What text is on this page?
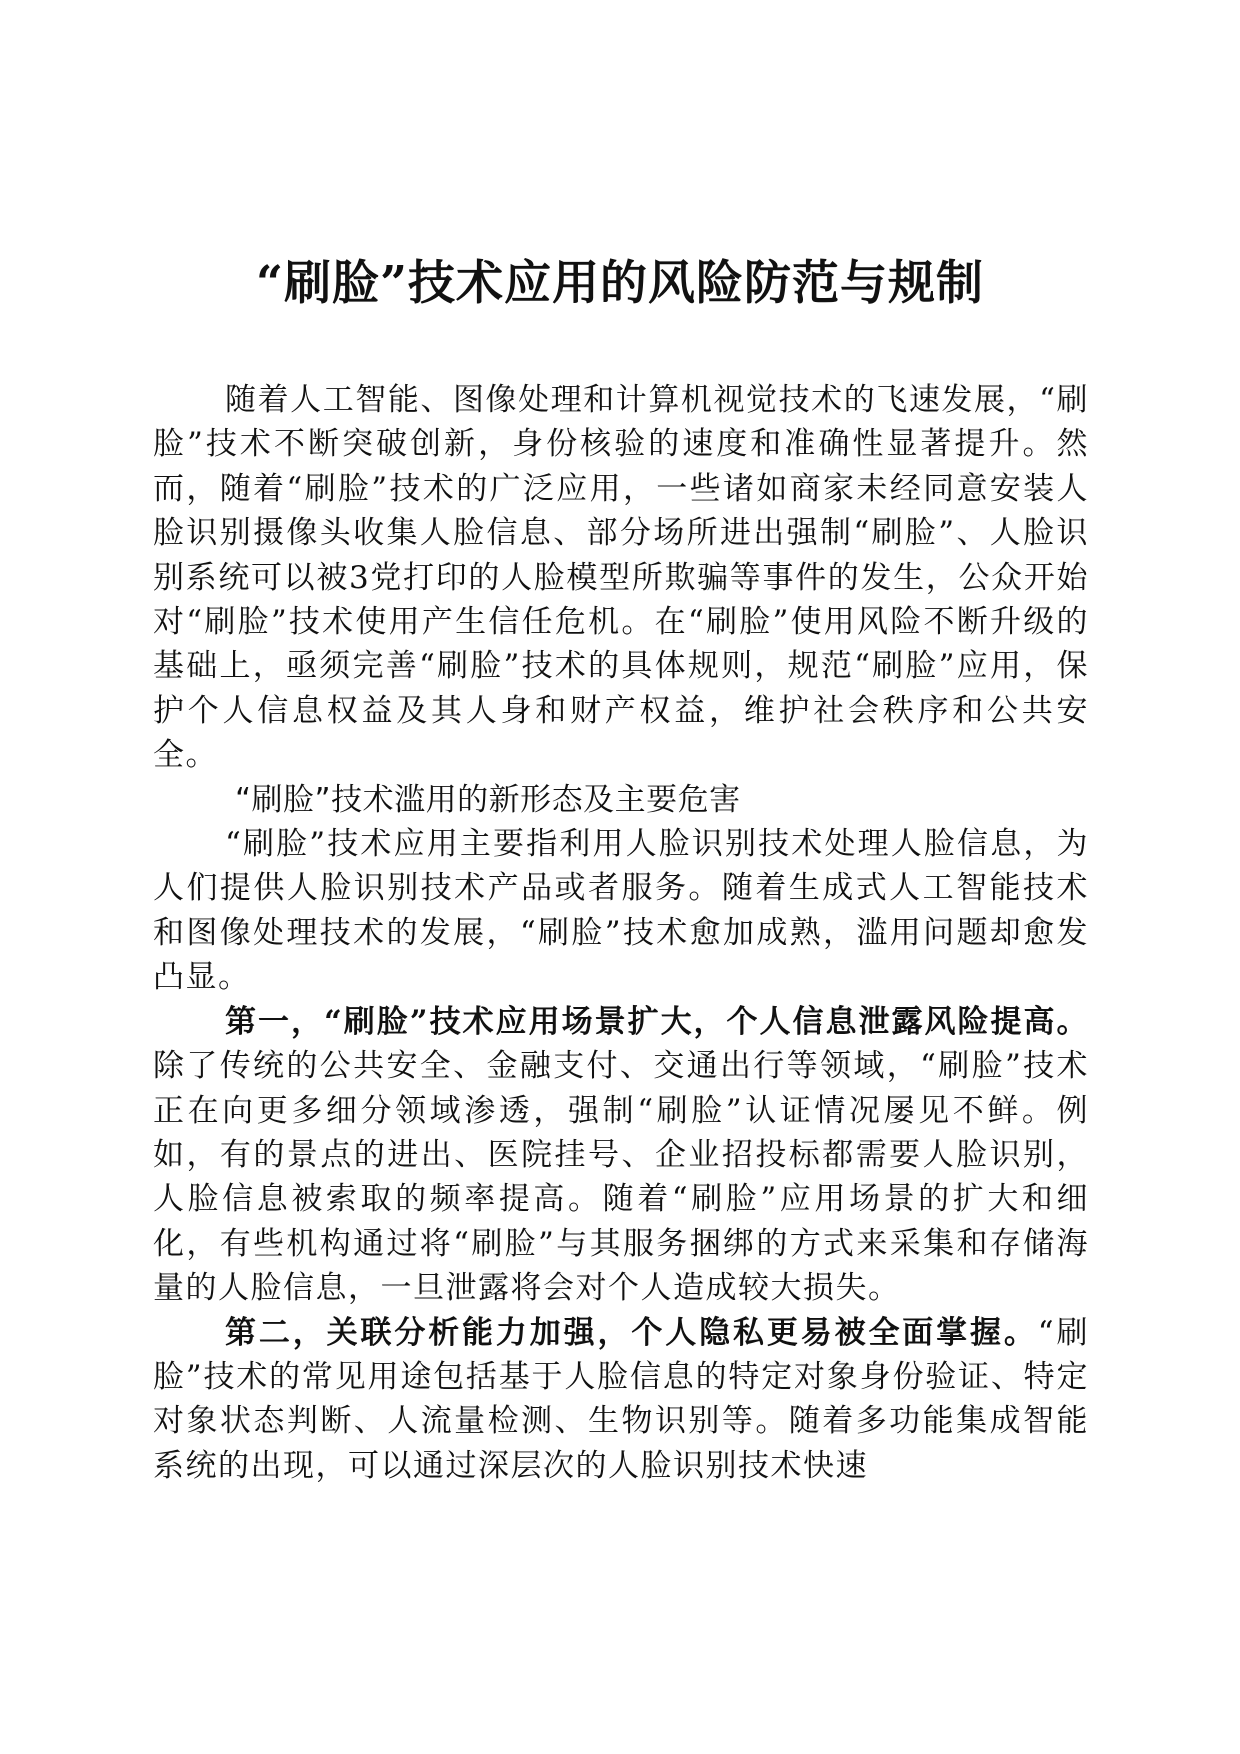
“刷脸”技术应用的风险防范与规制

随着人工智能、图像处理和计算机视觉技术的飞速发展，“刷脸”技术不断突破创新，身份核验的速度和准确性显著提升。然而，随着“刷脸”技术的广泛应用，一些诸如商家未经同意安装人脸识别摄像头收集人脸信息、部分场所进出强制“刷脸”、人脸识别系统可以被3党打印的人脸模型所欺骗等事件的发生，公众开始对“刷脸”技术使用产生信任危机。在“刷脸”使用风险不断升级的基础上，亟须完善“刷脸”技术的具体规则，规范“刷脸”应用，保护个人信息权益及其人身和财产权益，维护社会秩序和公共安全。

“刷脸”技术滥用的新形态及主要危害

“刷脸”技术应用主要指利用人脸识别技术处理人脸信息，为人们提供人脸识别技术产品或者服务。随着生成式人工智能技术和图像处理技术的发展，“刷脸”技术愈加成熟，滥用问题却愈发凸显。

第一，“刷脸”技术应用场景扩大，个人信息泄露风险提高。除了传统的公共安全、金融支付、交通出行等领域，“刷脸”技术正在向更多细分领域渗透，强制“刷脸”认证情况屡见不鲜。例如，有的景点的进出、医院挂号、企业招投标都需要人脸识别，人脸信息被索取的频率提高。随着“刷脸”应用场景的扩大和细化，有些机构通过将“刷脸”与其服务捆绑的方式来采集和存储海量的人脸信息，一旦泄露将会对个人造成较大损失。

第二，关联分析能力加强，个人隐私更易被全面掌握。“刷脸”技术的常见用途包括基于人脸信息的特定对象身份验证、特定对象状态判断、人流量检测、生物识别等。随着多功能集成智能系统的出现，可以通过深层次的人脸识别技术快速
